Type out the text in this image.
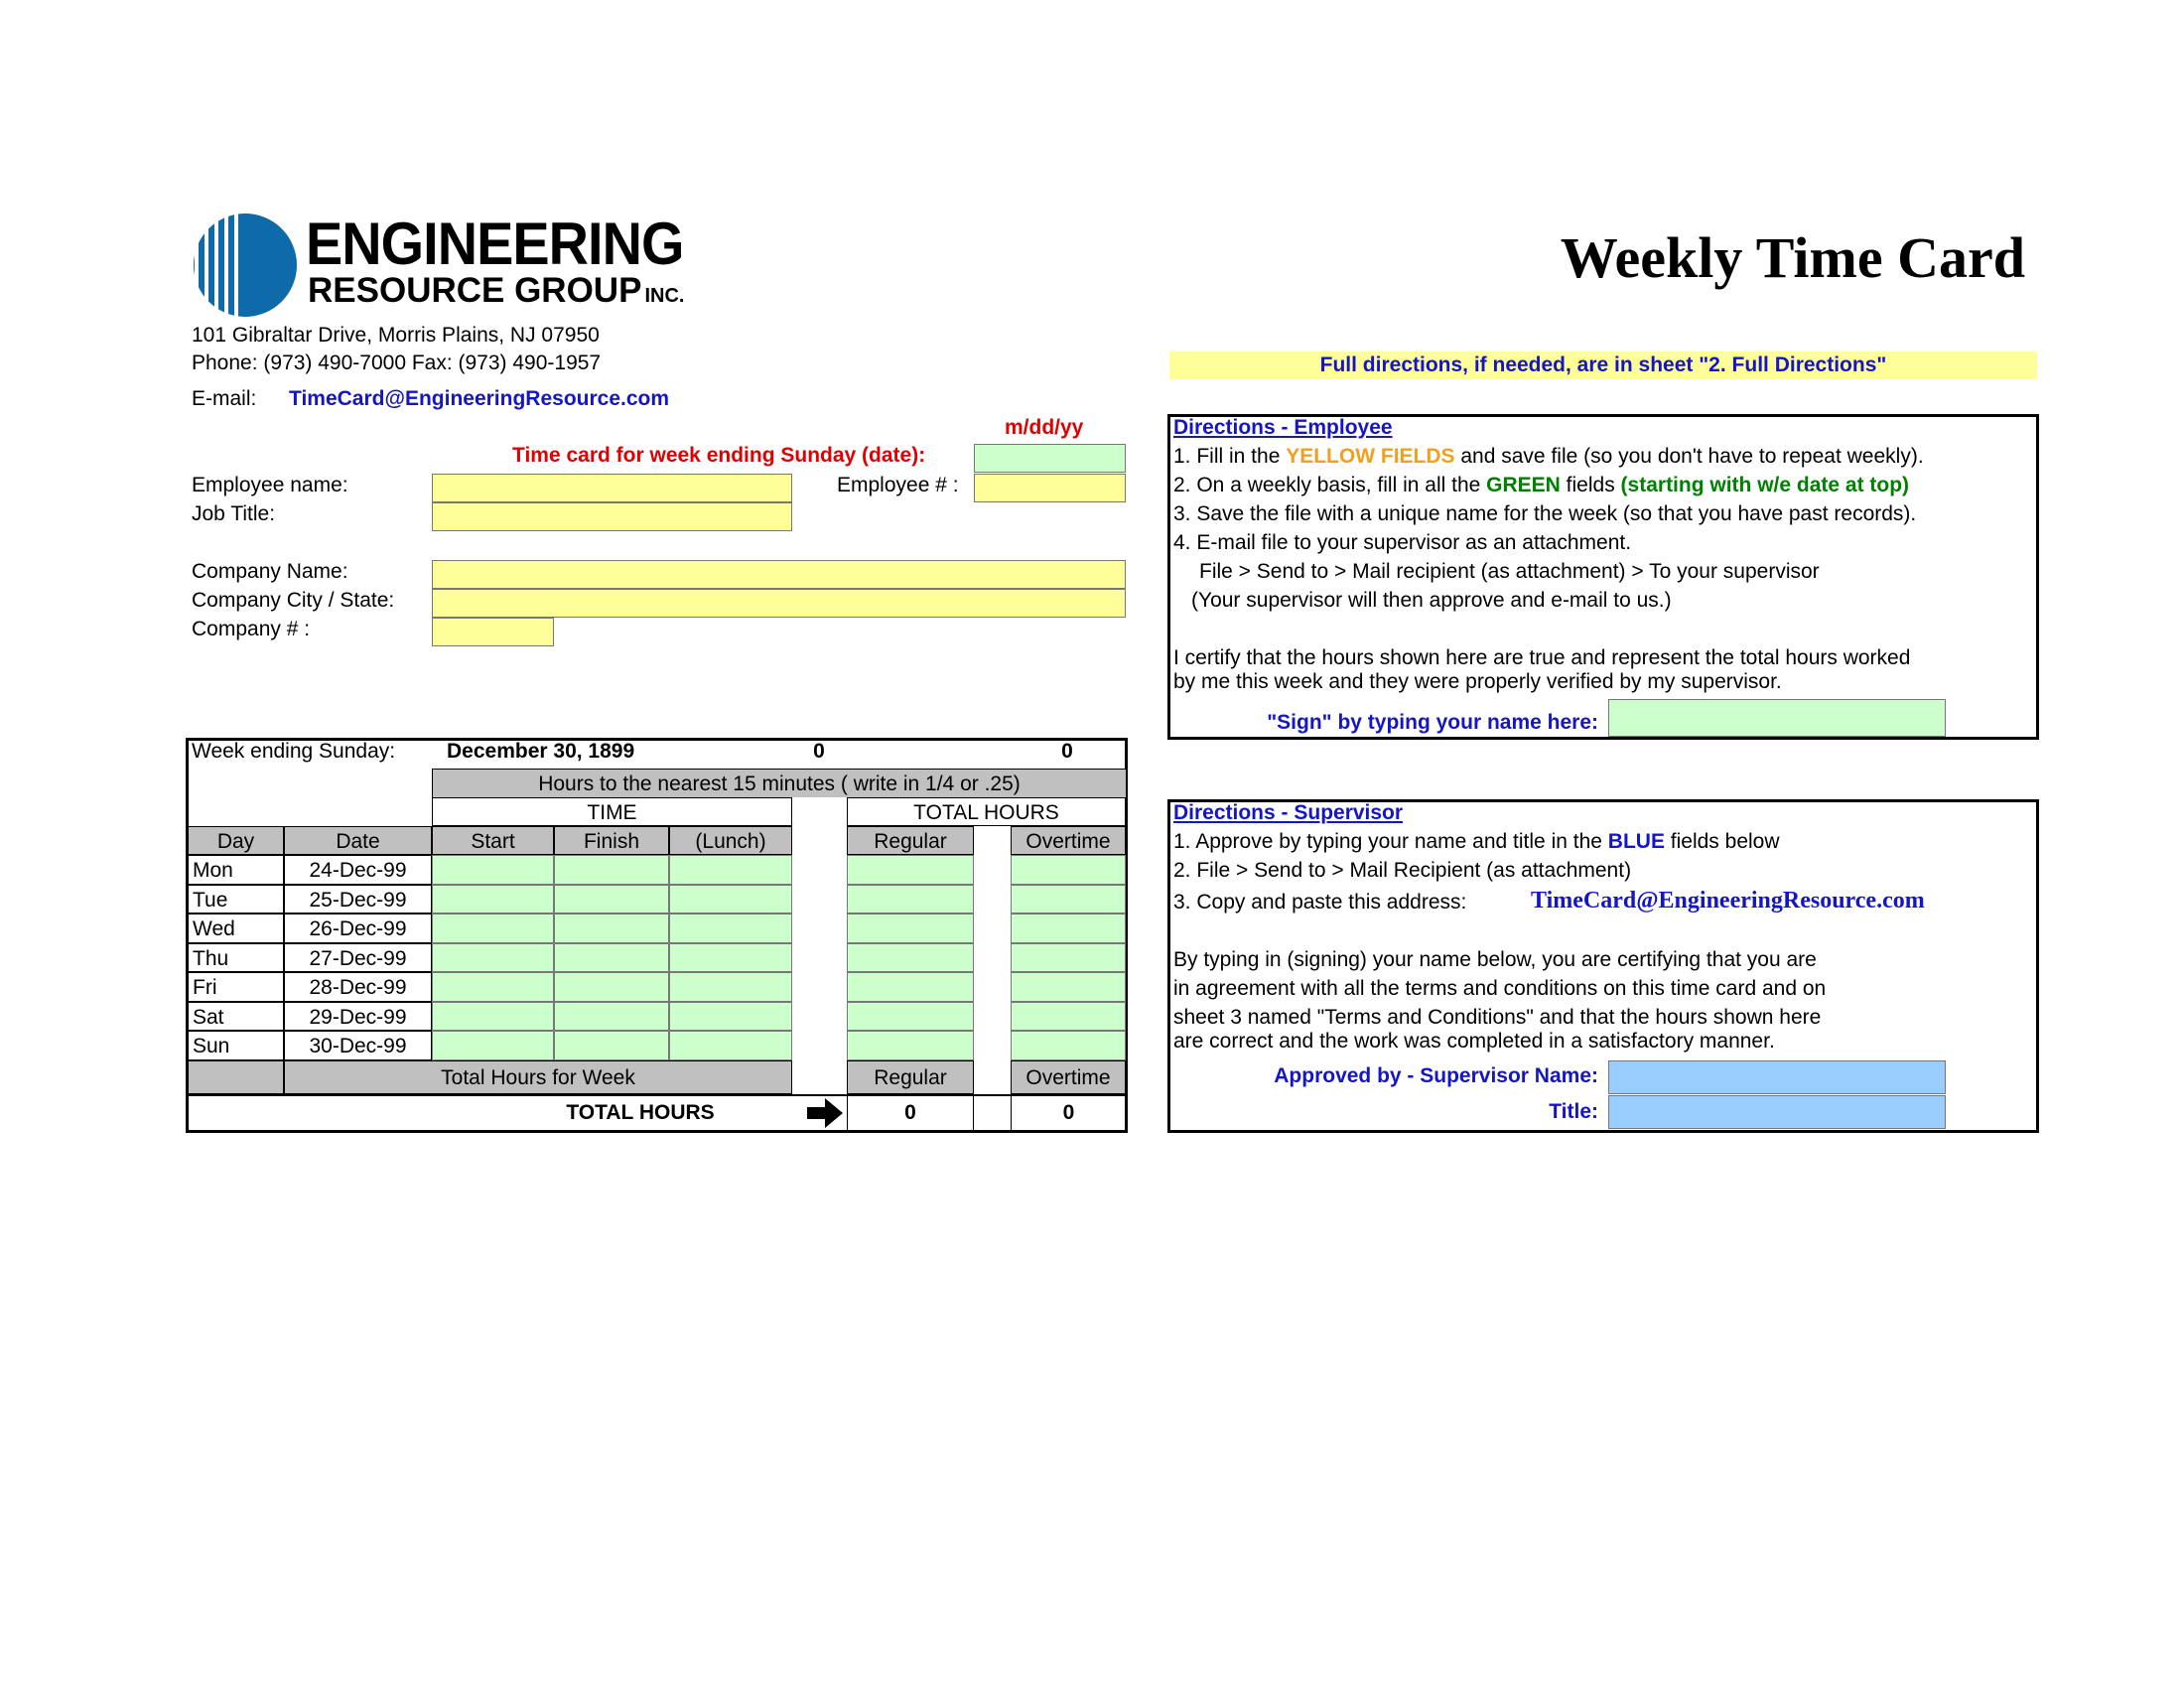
ENGINEERING
RESOURCE GROUP INC.
101 Gibraltar Drive, Morris Plains, NJ 07950
Phone: (973) 490-7000 Fax: (973) 490-1957
E-mail: TimeCard@EngineeringResource.com
Weekly Time Card
Full directions, if needed, are in sheet "2. Full Directions"
m/dd/yy
Time card for week ending Sunday (date):
Employee name:	Employee # :
Job Title:
Company Name:
Company City / State:
Company # :
Week ending Sunday: December 30, 1899	0	0
Hours to the nearest 15 minutes ( write in 1/4 or .25)
TIME	TOTAL HOURS
Day	Date	Start	Finish	(Lunch)	Regular	Overtime
Mon	24-Dec-99
Tue	25-Dec-99
Wed	26-Dec-99
Thu	27-Dec-99
Fri	28-Dec-99
Sat	29-Dec-99
Sun	30-Dec-99
Total Hours for Week	Regular	Overtime
TOTAL HOURS	0	0
Directions - Employee
1. Fill in the YELLOW FIELDS and save file (so you don't have to repeat weekly).
2. On a weekly basis, fill in all the GREEN fields (starting with w/e date at top)
3. Save the file with a unique name for the week (so that you have past records).
4. E-mail file to your supervisor as an attachment.
File > Send to > Mail recipient (as attachment) > To your supervisor
(Your supervisor will then approve and e-mail to us.)
I certify that the hours shown here are true and represent the total hours worked
by me this week and they were properly verified by my supervisor.
"Sign" by typing your name here:
Directions - Supervisor
1. Approve by typing your name and title in the BLUE fields below
2. File > Send to > Mail Recipient (as attachment)
3. Copy and paste this address:	TimeCard@EngineeringResource.com
By typing in (signing) your name below, you are certifying that you are
in agreement with all the terms and conditions on this time card and on
sheet 3 named "Terms and Conditions" and that the hours shown here
are correct and the work was completed in a satisfactory manner.
Approved by - Supervisor Name:
Title:
